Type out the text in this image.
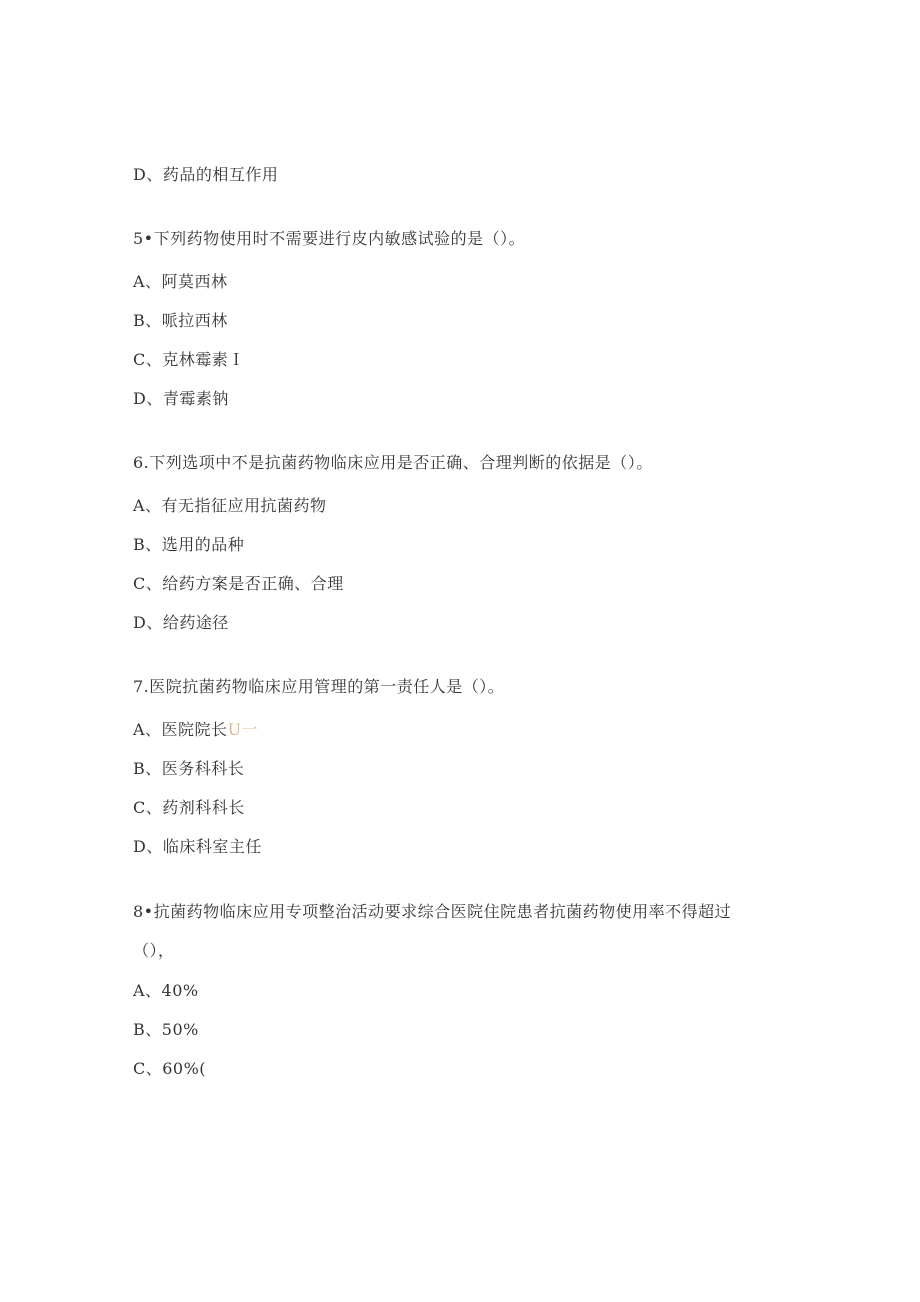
D、药品的相互作用
5•下列药物使用时不需要进行皮内敏感试验的是（）。
A、阿莫西林
B、哌拉西林
C、克林霉素Ｉ
D、青霉素钠
6.下列选项中不是抗菌药物临床应用是否正确、合理判断的依据是（）。
A、有无指征应用抗菌药物
B、选用的品种
C、给药方案是否正确、合理
D、给药途径
7.医院抗菌药物临床应用管理的第一责任人是（）。
A、医院院长U一
B、医务科科长
C、药剂科科长
D、临床科室主任
8•抗菌药物临床应用专项整治活动要求综合医院住院患者抗菌药物使用率不得超过
（），
A、40%
B、50%
C、60%(
